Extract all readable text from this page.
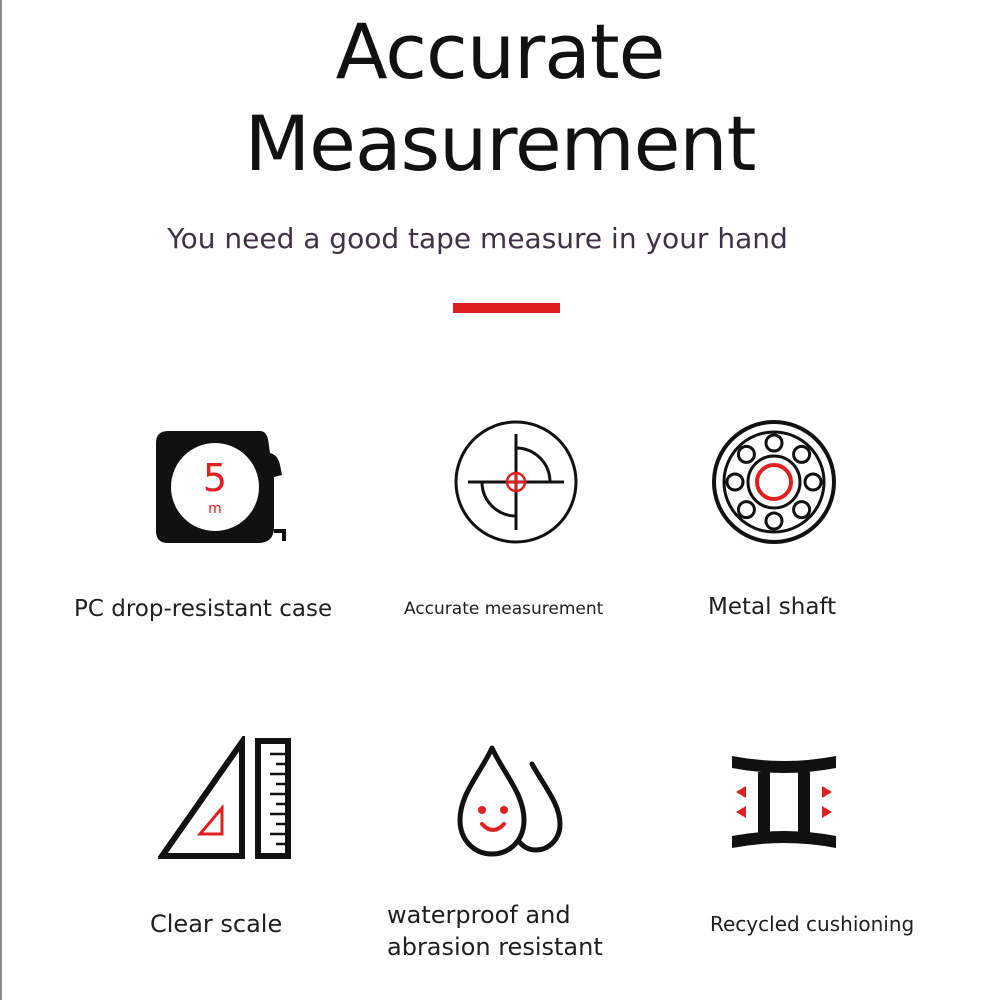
Accurate
Measurement
You need a good tape measure in your hand
5
m
PC drop-resistant case	Accurate measurement	Metal shaft
Clear scale	waterproof and
abrasion resistant
Recycled cushioning
